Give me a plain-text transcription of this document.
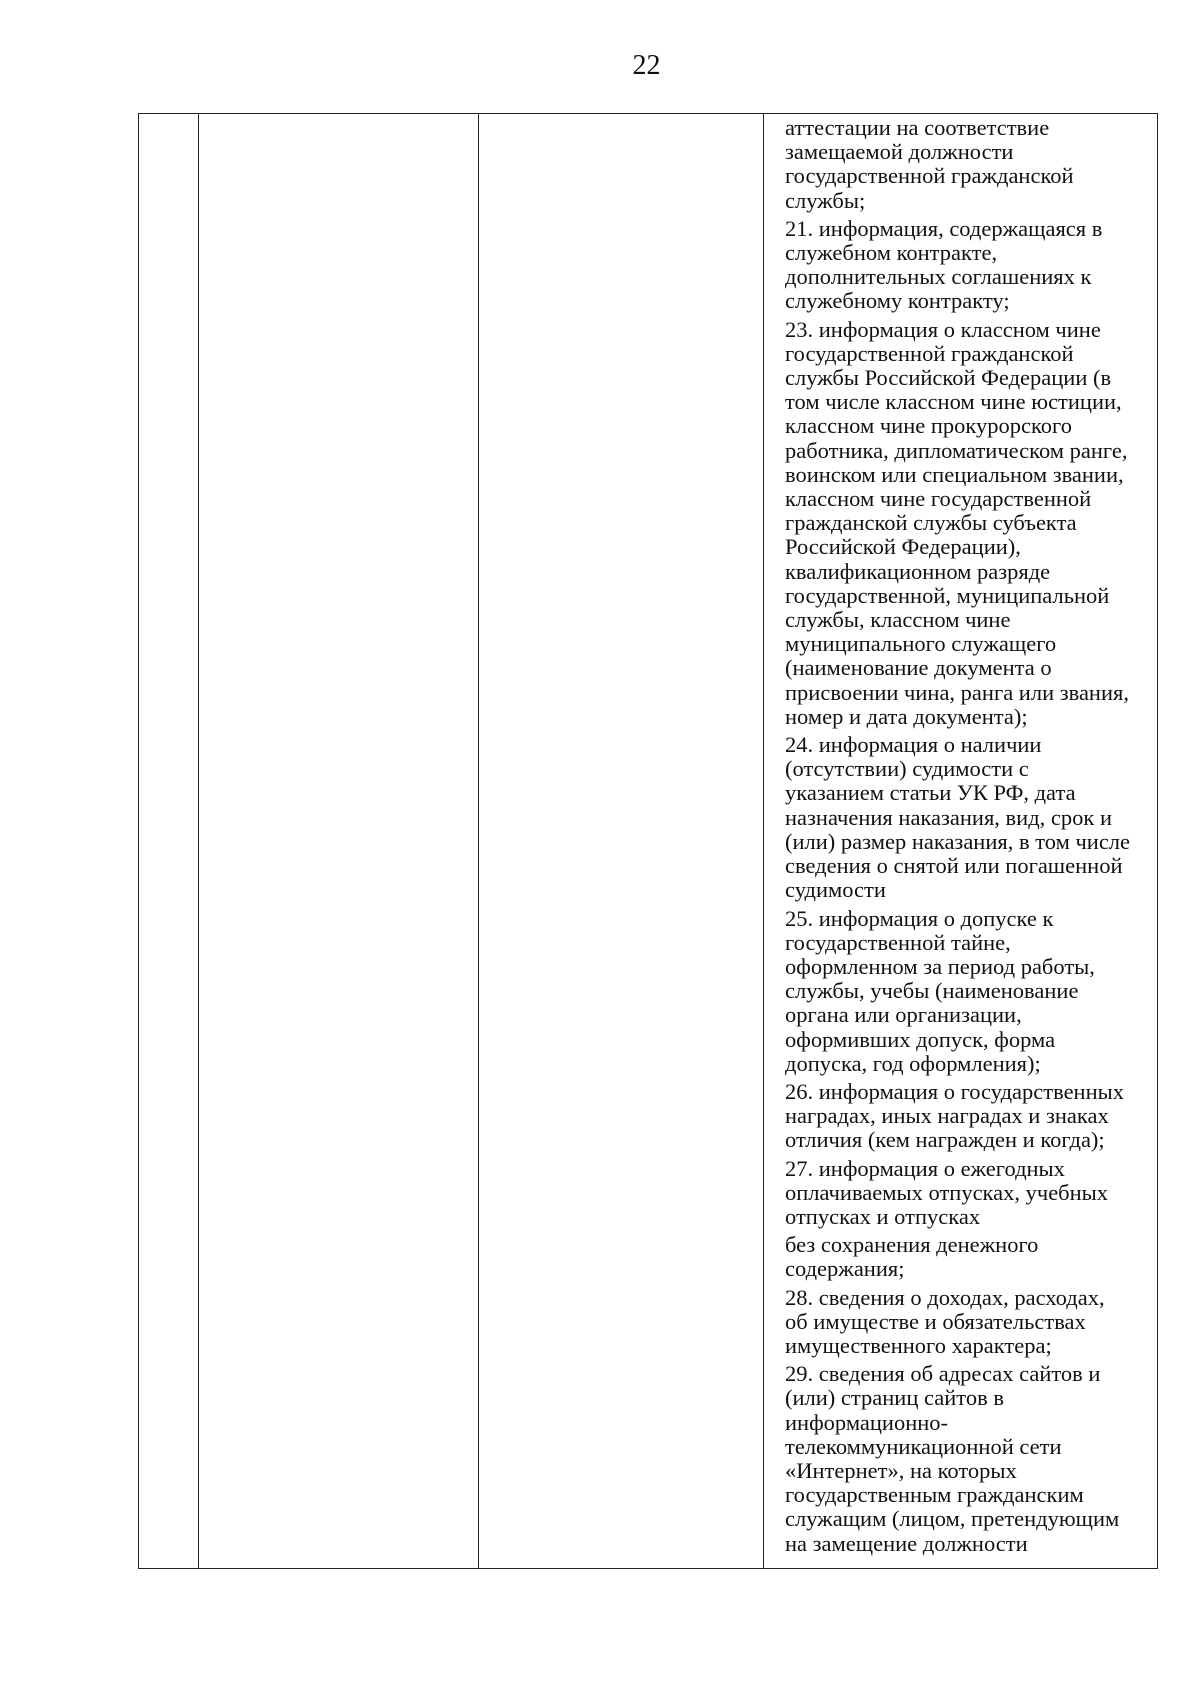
22

аттестации на соответствие
замещаемой должности
государственной гражданской
службы;

21. информация, содержащаяся в
служебном контракте,
дополнительных соглашениях к
служебному контракту;

23. информация о классном чине
государственной гражданской
службы Российской Федерации (в
том числе классном чине юстиции,
классном чине прокурорского
работника, дипломатическом ранге,
воинском или специальном звании,
классном чине государственной
гражданской службы субъекта
Российской Федерации),
квалификационном разряде
государственной, муниципальной
службы, классном чине
муниципального служащего
(наименование документа о
присвоении чина, ранга или звания,
номер и дата документа);

24. информация о наличии
(отсутствии) судимости с
указанием статьи УК РФ, дата
назначения наказания, вид, срок и
(или) размер наказания, в том числе
сведения о снятой или погашенной
судимости

25. информация о допуске к
государственной тайне,
оформленном за период работы,
службы, учебы (наименование
органа или организации,
оформивших допуск, форма
допуска, год оформления);

26. информация о государственных
наградах, иных наградах и знаках
отличия (кем награжден и когда);

27. информация о ежегодных
оплачиваемых отпусках, учебных
отпусках и отпусках

без сохранения денежного
содержания;

28. сведения о доходах, расходах,
об имуществе и обязательствах
имущественного характера;

29. сведения об адресах сайтов и
(или) страниц сайтов в
информационно-
телекоммуникационной сети
«Интернет», на которых
государственным гражданским
служащим (лицом, претендующим
на замещение должности
